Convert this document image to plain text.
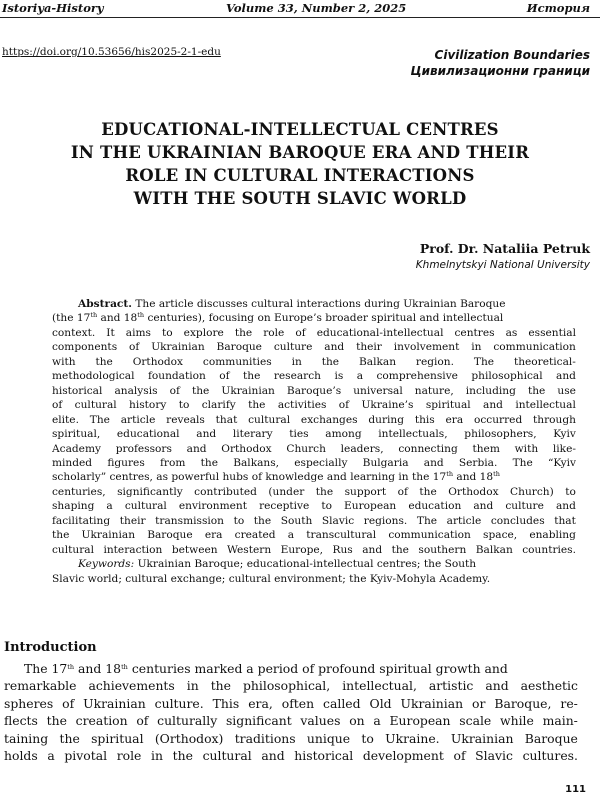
Istoriya-History	Volume 33, Number 2, 2025	История
https://doi.org/10.53656/his2025-2-1-edu	Civilization Boundaries
Цивилизационни граници
EDUCATIONAL-INTELLECTUAL CENTRES
IN THE UKRAINIAN BAROQUE ERA AND THEIR
ROLE IN CULTURAL INTERACTIONS
WITH THE SOUTH SLAVIC WORLD
Prof. Dr. Nataliia Petruk
Khmelnytskyi National University
Abstract. The article discusses cultural interactions during Ukrainian Baroque
(the 17th and 18th centuries), focusing on Europe’s broader spiritual and intellectual
context. It aims to explore the role of educational-intellectual centres as essential
components of Ukrainian Baroque culture and their involvement in communication
with the Orthodox communities in the Balkan region. The theoretical-
methodological foundation of the research is a comprehensive philosophical and
historical analysis of the Ukrainian Baroque’s universal nature, including the use
of cultural history to clarify the activities of Ukraine’s spiritual and intellectual
elite. The article reveals that cultural exchanges during this era occurred through
spiritual, educational and literary ties among intellectuals, philosophers, Kyiv
Academy professors and Orthodox Church leaders, connecting them with like-
minded figures from the Balkans, especially Bulgaria and Serbia. The “Kyiv
scholarly” centres, as powerful hubs of knowledge and learning in the 17th and 18th
centuries, significantly contributed (under the support of the Orthodox Church) to
shaping a cultural environment receptive to European education and culture and
facilitating their transmission to the South Slavic regions. The article concludes that
the Ukrainian Baroque era created a transcultural communication space, enabling
cultural interaction between Western Europe, Rus and the southern Balkan countries.
Keywords: Ukrainian Baroque; educational-intellectual centres; the South
Slavic world; cultural exchange; cultural environment; the Kyiv-Mohyla Academy.
Introduction
The 17th and 18th centuries marked a period of profound spiritual growth and
remarkable achievements in the philosophical, intellectual, artistic and aesthetic
spheres of Ukrainian culture. This era, often called Old Ukrainian or Baroque, re-
flects the creation of culturally significant values on a European scale while main-
taining the spiritual (Orthodox) traditions unique to Ukraine. Ukrainian Baroque
holds a pivotal role in the cultural and historical development of Slavic cultures.
111
